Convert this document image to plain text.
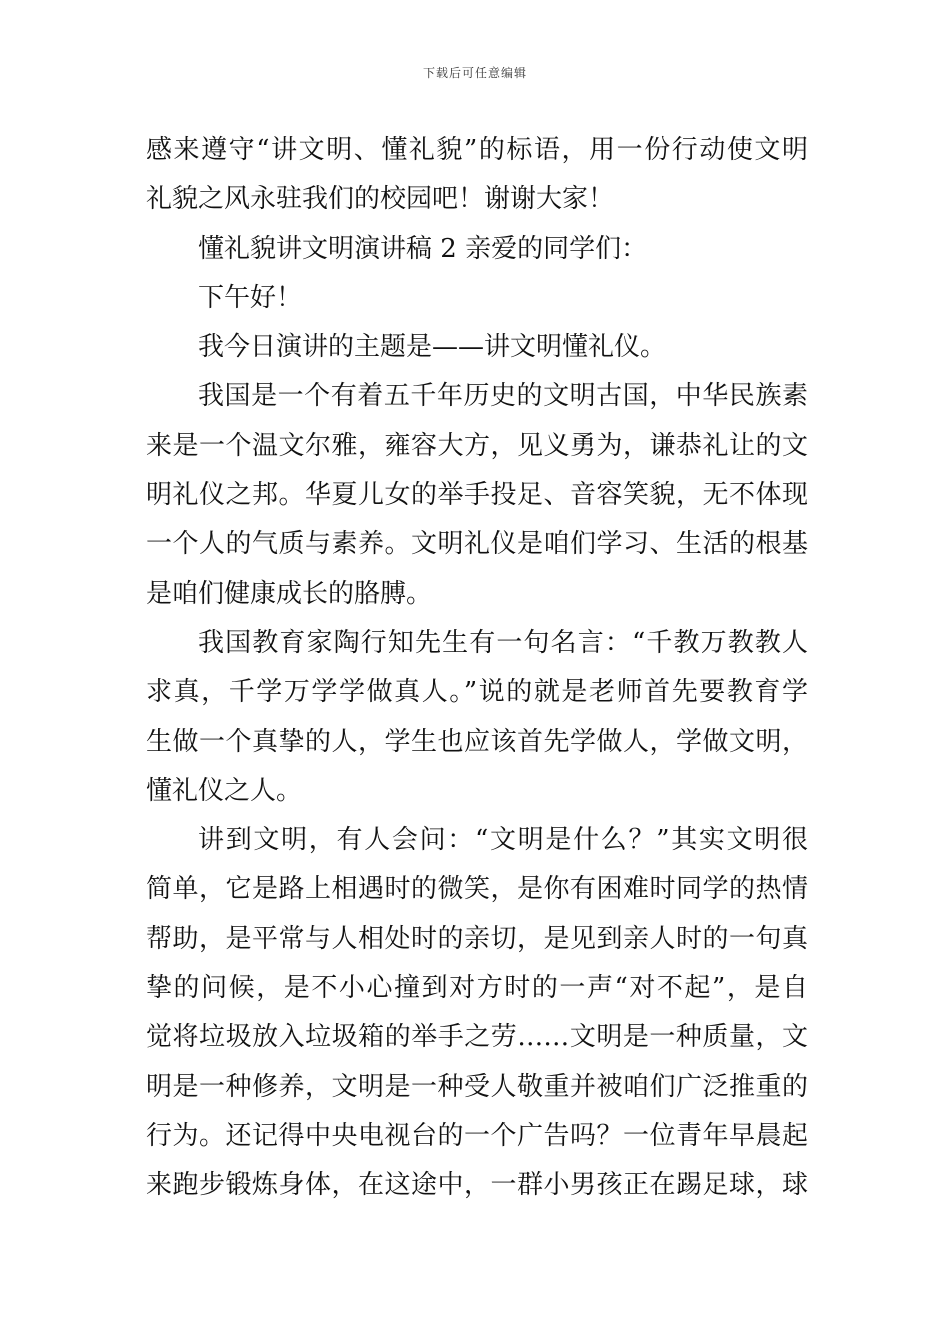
下载后可任意编辑
感来遵守“讲文明、懂礼貌”的标语，用一份行动使文明
礼貌之风永驻我们的校园吧！谢谢大家！
懂礼貌讲文明演讲稿 2 亲爱的同学们：
下午好！
我今日演讲的主题是——讲文明懂礼仪。
我国是一个有着五千年历史的文明古国，中华民族素
来是一个温文尔雅，雍容大方，见义勇为，谦恭礼让的文
明礼仪之邦。华夏儿女的举手投足、音容笑貌，无不体现
一个人的气质与素养。文明礼仪是咱们学习、生活的根基
是咱们健康成长的胳膊。
我国教育家陶行知先生有一句名言：“千教万教教人
求真，千学万学学做真人。”说的就是老师首先要教育学
生做一个真挚的人，学生也应该首先学做人，学做文明，
懂礼仪之人。
讲到文明，有人会问：“文明是什么？”其实文明很
简单，它是路上相遇时的微笑，是你有困难时同学的热情
帮助，是平常与人相处时的亲切，是见到亲人时的一句真
挚的问候，是不小心撞到对方时的一声“对不起”，是自
觉将垃圾放入垃圾箱的举手之劳……文明是一种质量，文
明是一种修养，文明是一种受人敬重并被咱们广泛推重的
行为。还记得中央电视台的一个广告吗？一位青年早晨起
来跑步锻炼身体，在这途中，一群小男孩正在踢足球，球
